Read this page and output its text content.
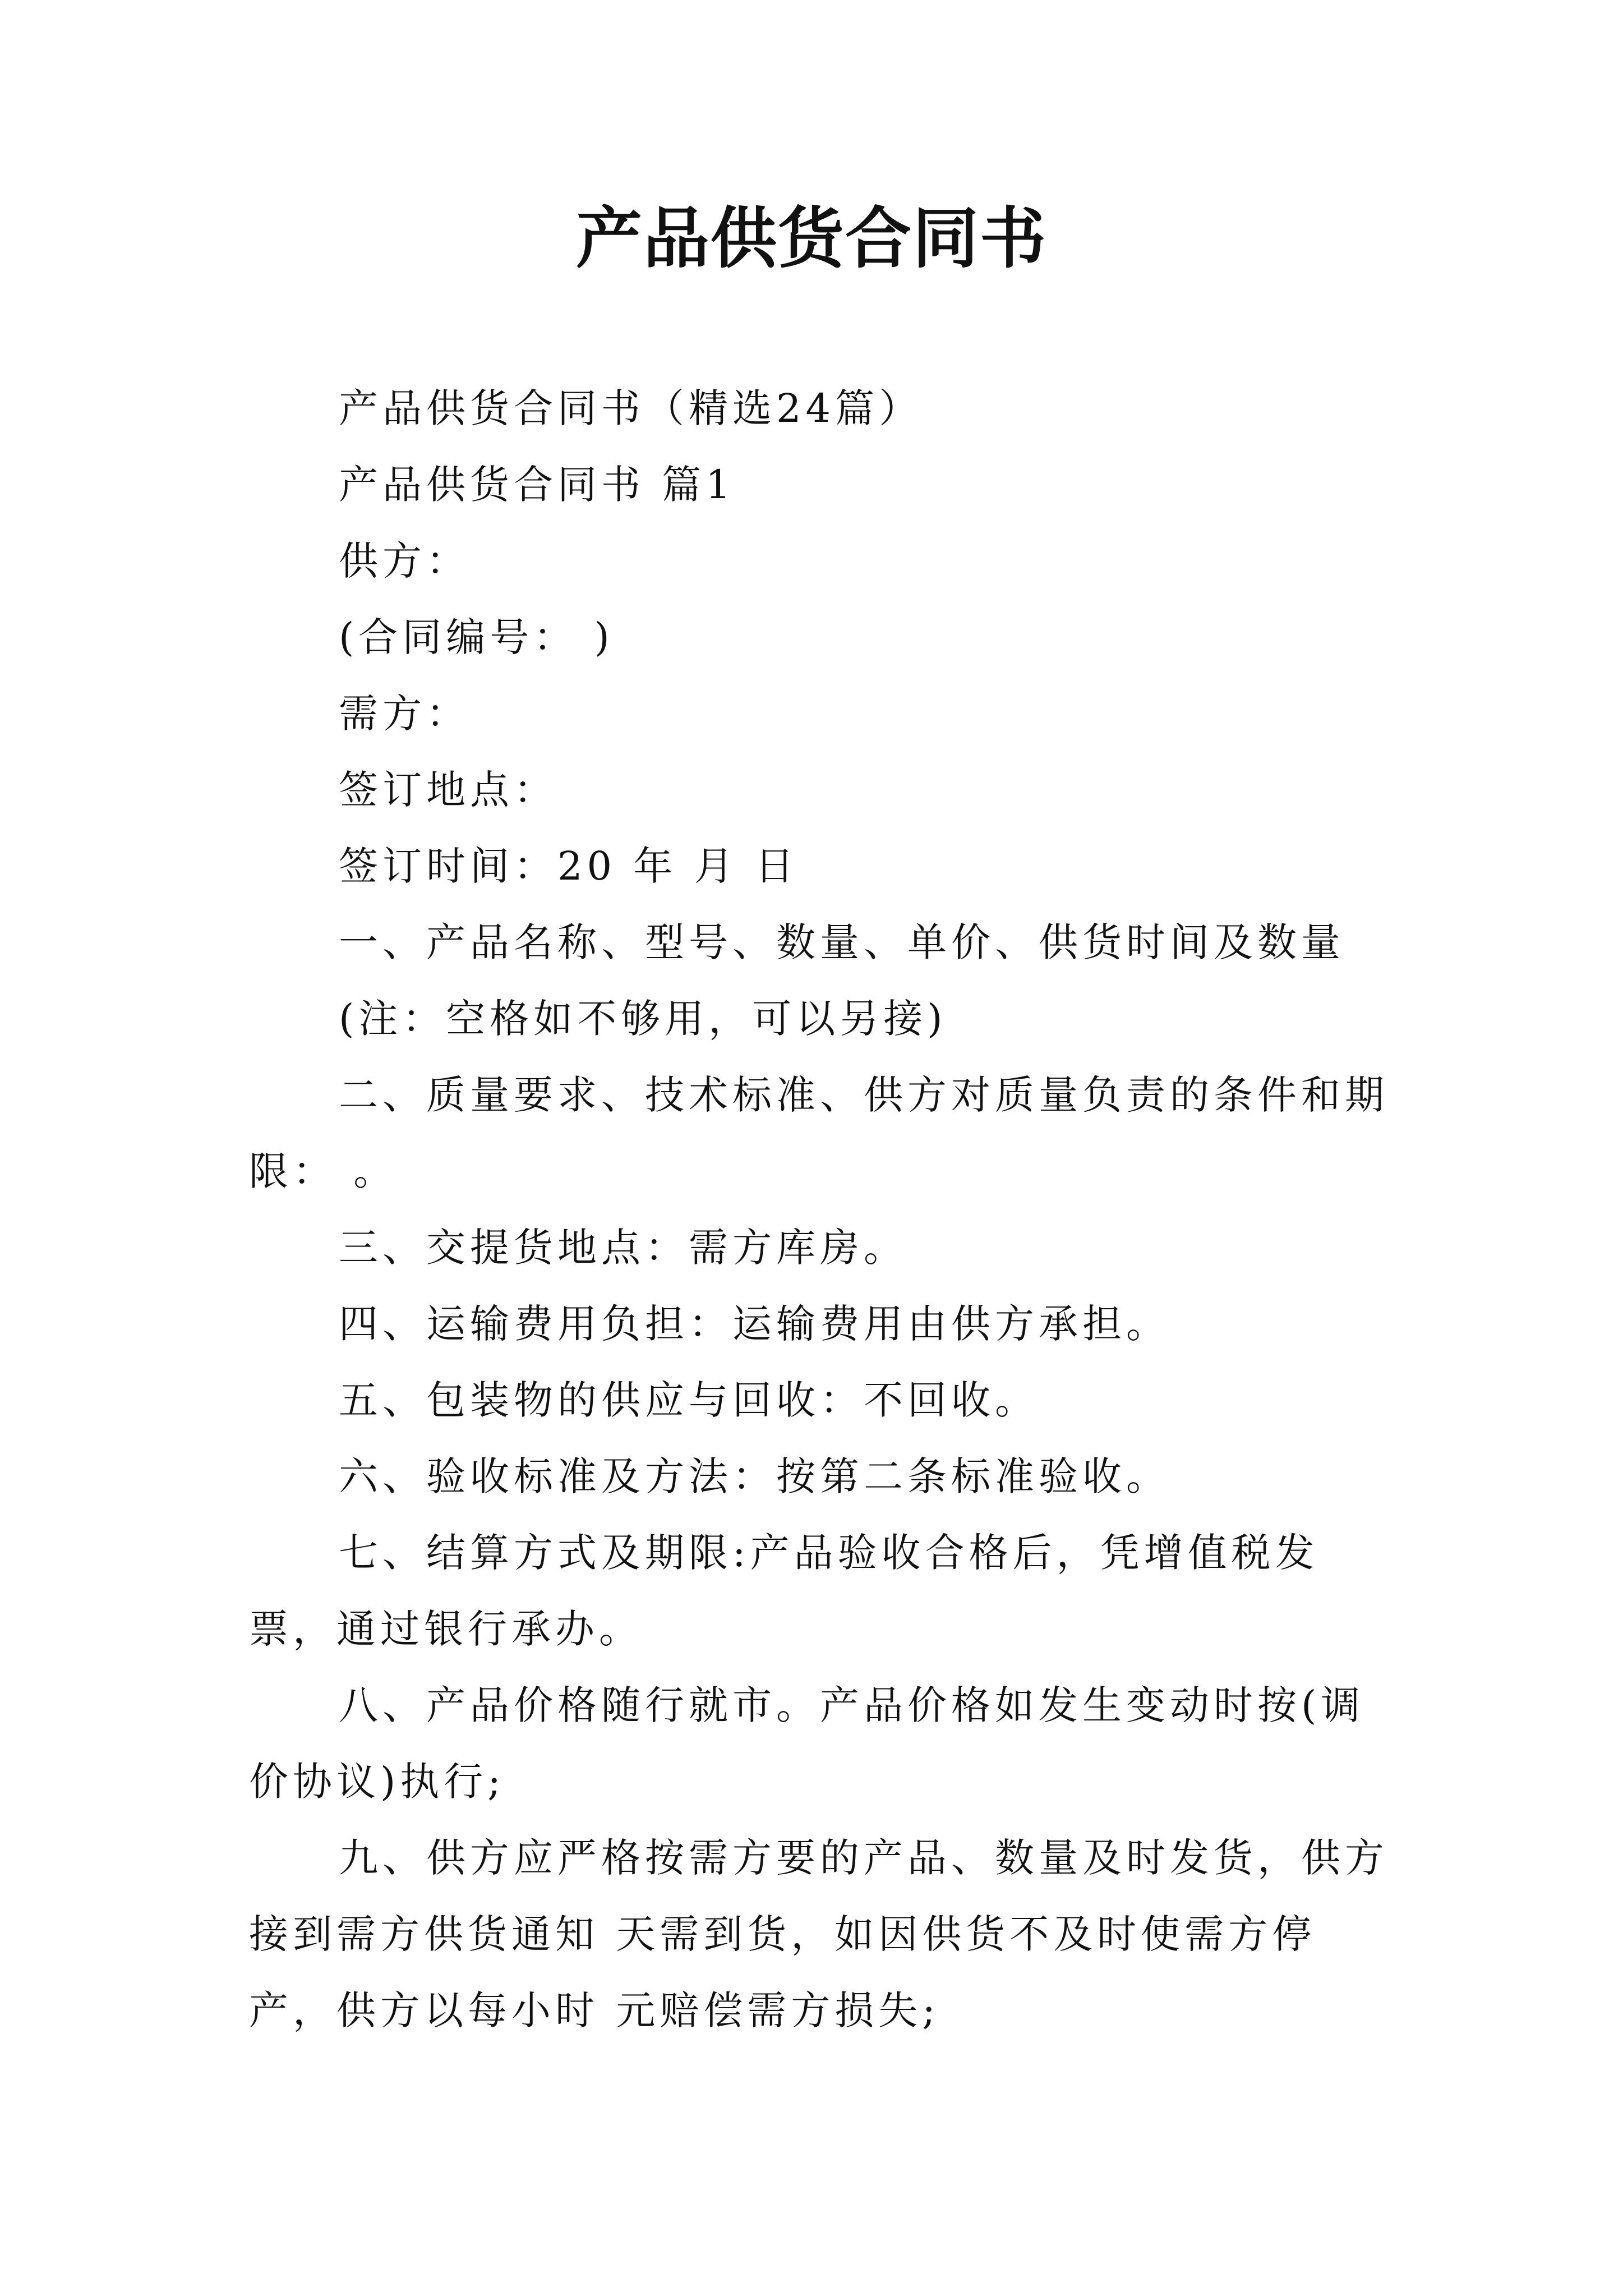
产品供货合同书

产品供货合同书（精选24篇）

产品供货合同书 篇1

供方：

(合同编号： )

需方：

签订地点：

签订时间：20 年 月 日

一、产品名称、型号、数量、单价、供货时间及数量

(注：空格如不够用，可以另接)

二、质量要求、技术标准、供方对质量负责的条件和期限： 。

三、交提货地点：需方库房。

四、运输费用负担：运输费用由供方承担。

五、包装物的供应与回收：不回收。

六、验收标准及方法：按第二条标准验收。

七、结算方式及期限:产品验收合格后，凭增值税发票，通过银行承办。

八、产品价格随行就市。产品价格如发生变动时按(调价协议)执行;

九、供方应严格按需方要的产品、数量及时发货，供方接到需方供货通知 天需到货，如因供货不及时使需方停产，供方以每小时 元赔偿需方损失;
